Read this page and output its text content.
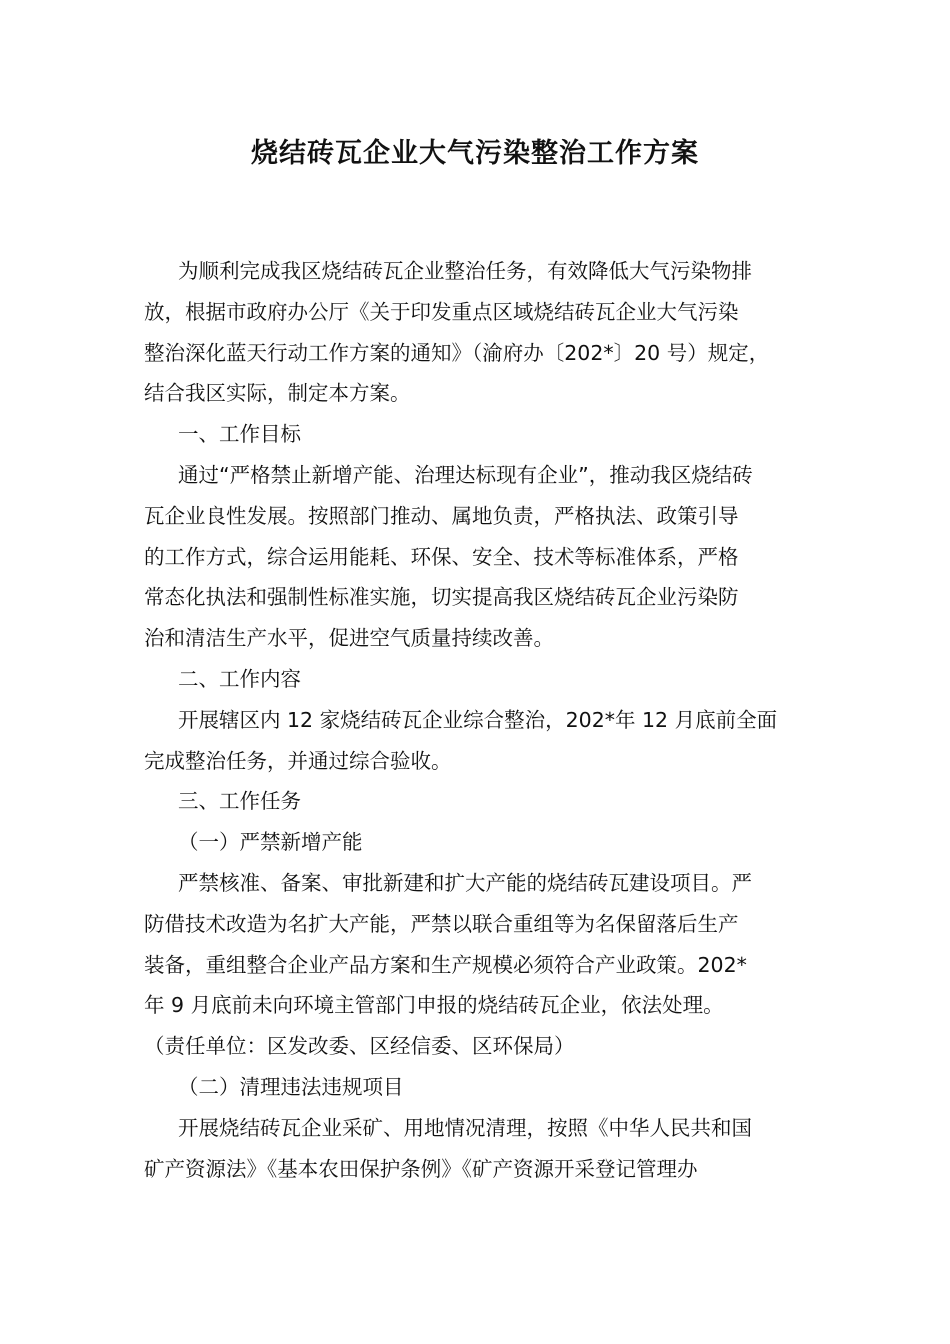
烧结砖瓦企业大气污染整治工作方案
为顺利完成我区烧结砖瓦企业整治任务，有效降低大气污染物排
放，根据市政府办公厅《关于印发重点区域烧结砖瓦企业大气污染
整治深化蓝天行动工作方案的通知》（渝府办〔202*〕20 号）规定，
结合我区实际，制定本方案。
一、工作目标
通过“严格禁止新增产能、治理达标现有企业”，推动我区烧结砖
瓦企业良性发展。按照部门推动、属地负责，严格执法、政策引导
的工作方式，综合运用能耗、环保、安全、技术等标准体系，严格
常态化执法和强制性标准实施，切实提高我区烧结砖瓦企业污染防
治和清洁生产水平，促进空气质量持续改善。
二、工作内容
开展辖区内 12 家烧结砖瓦企业综合整治，202*年 12 月底前全面
完成整治任务，并通过综合验收。
三、工作任务
（一）严禁新增产能
严禁核准、备案、审批新建和扩大产能的烧结砖瓦建设项目。严
防借技术改造为名扩大产能，严禁以联合重组等为名保留落后生产
装备，重组整合企业产品方案和生产规模必须符合产业政策。202*
年 9 月底前未向环境主管部门申报的烧结砖瓦企业，依法处理。
（责任单位：区发改委、区经信委、区环保局）
（二）清理违法违规项目
开展烧结砖瓦企业采矿、用地情况清理，按照《中华人民共和国
矿产资源法》《基本农田保护条例》《矿产资源开采登记管理办
